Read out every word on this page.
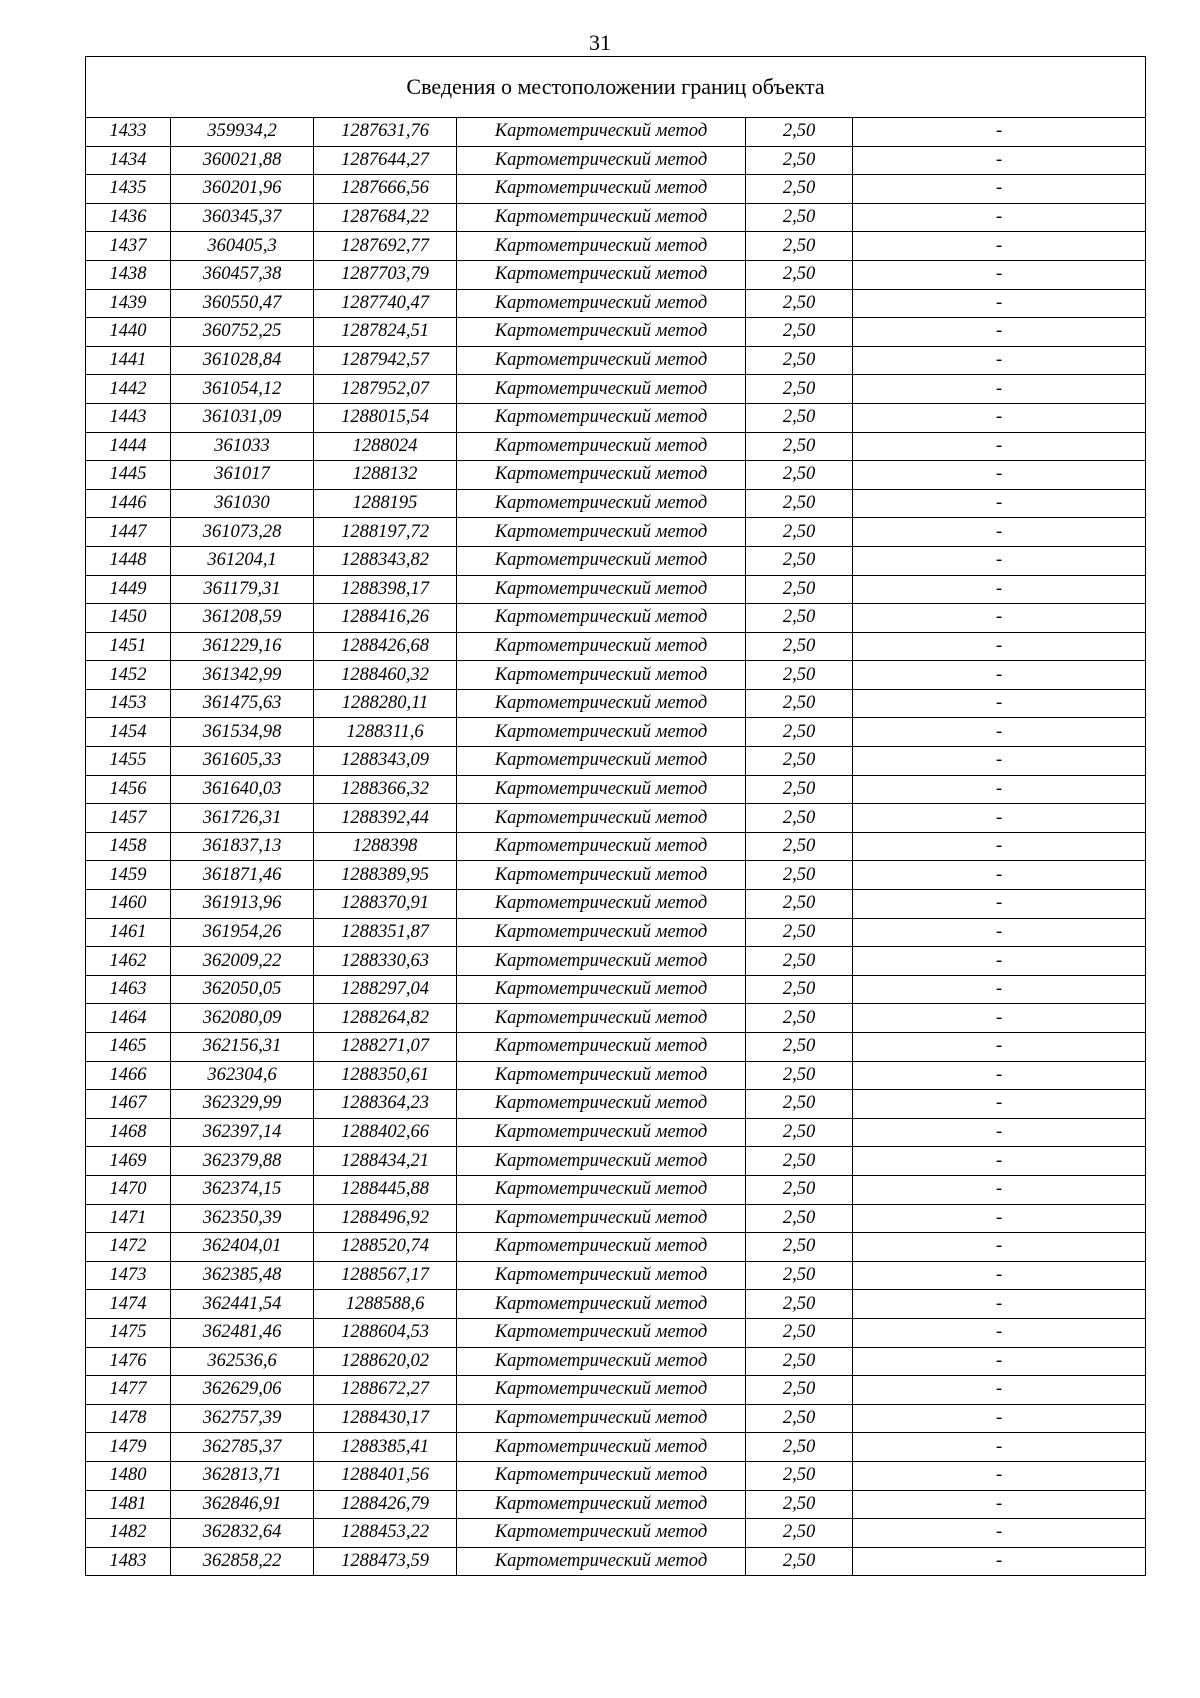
31
Сведения о местоположении границ объекта					
1433	359934,2	1287631,76	Картометрический метод	2,50	-
1434	360021,88	1287644,27	Картометрический метод	2,50	-
1435	360201,96	1287666,56	Картометрический метод	2,50	-
1436	360345,37	1287684,22	Картометрический метод	2,50	-
1437	360405,3	1287692,77	Картометрический метод	2,50	-
1438	360457,38	1287703,79	Картометрический метод	2,50	-
1439	360550,47	1287740,47	Картометрический метод	2,50	-
1440	360752,25	1287824,51	Картометрический метод	2,50	-
1441	361028,84	1287942,57	Картометрический метод	2,50	-
1442	361054,12	1287952,07	Картометрический метод	2,50	-
1443	361031,09	1288015,54	Картометрический метод	2,50	-
1444	361033	1288024	Картометрический метод	2,50	-
1445	361017	1288132	Картометрический метод	2,50	-
1446	361030	1288195	Картометрический метод	2,50	-
1447	361073,28	1288197,72	Картометрический метод	2,50	-
1448	361204,1	1288343,82	Картометрический метод	2,50	-
1449	361179,31	1288398,17	Картометрический метод	2,50	-
1450	361208,59	1288416,26	Картометрический метод	2,50	-
1451	361229,16	1288426,68	Картометрический метод	2,50	-
1452	361342,99	1288460,32	Картометрический метод	2,50	-
1453	361475,63	1288280,11	Картометрический метод	2,50	-
1454	361534,98	1288311,6	Картометрический метод	2,50	-
1455	361605,33	1288343,09	Картометрический метод	2,50	-
1456	361640,03	1288366,32	Картометрический метод	2,50	-
1457	361726,31	1288392,44	Картометрический метод	2,50	-
1458	361837,13	1288398	Картометрический метод	2,50	-
1459	361871,46	1288389,95	Картометрический метод	2,50	-
1460	361913,96	1288370,91	Картометрический метод	2,50	-
1461	361954,26	1288351,87	Картометрический метод	2,50	-
1462	362009,22	1288330,63	Картометрический метод	2,50	-
1463	362050,05	1288297,04	Картометрический метод	2,50	-
1464	362080,09	1288264,82	Картометрический метод	2,50	-
1465	362156,31	1288271,07	Картометрический метод	2,50	-
1466	362304,6	1288350,61	Картометрический метод	2,50	-
1467	362329,99	1288364,23	Картометрический метод	2,50	-
1468	362397,14	1288402,66	Картометрический метод	2,50	-
1469	362379,88	1288434,21	Картометрический метод	2,50	-
1470	362374,15	1288445,88	Картометрический метод	2,50	-
1471	362350,39	1288496,92	Картометрический метод	2,50	-
1472	362404,01	1288520,74	Картометрический метод	2,50	-
1473	362385,48	1288567,17	Картометрический метод	2,50	-
1474	362441,54	1288588,6	Картометрический метод	2,50	-
1475	362481,46	1288604,53	Картометрический метод	2,50	-
1476	362536,6	1288620,02	Картометрический метод	2,50	-
1477	362629,06	1288672,27	Картометрический метод	2,50	-
1478	362757,39	1288430,17	Картометрический метод	2,50	-
1479	362785,37	1288385,41	Картометрический метод	2,50	-
1480	362813,71	1288401,56	Картометрический метод	2,50	-
1481	362846,91	1288426,79	Картометрический метод	2,50	-
1482	362832,64	1288453,22	Картометрический метод	2,50	-
1483	362858,22	1288473,59	Картометрический метод	2,50	-
